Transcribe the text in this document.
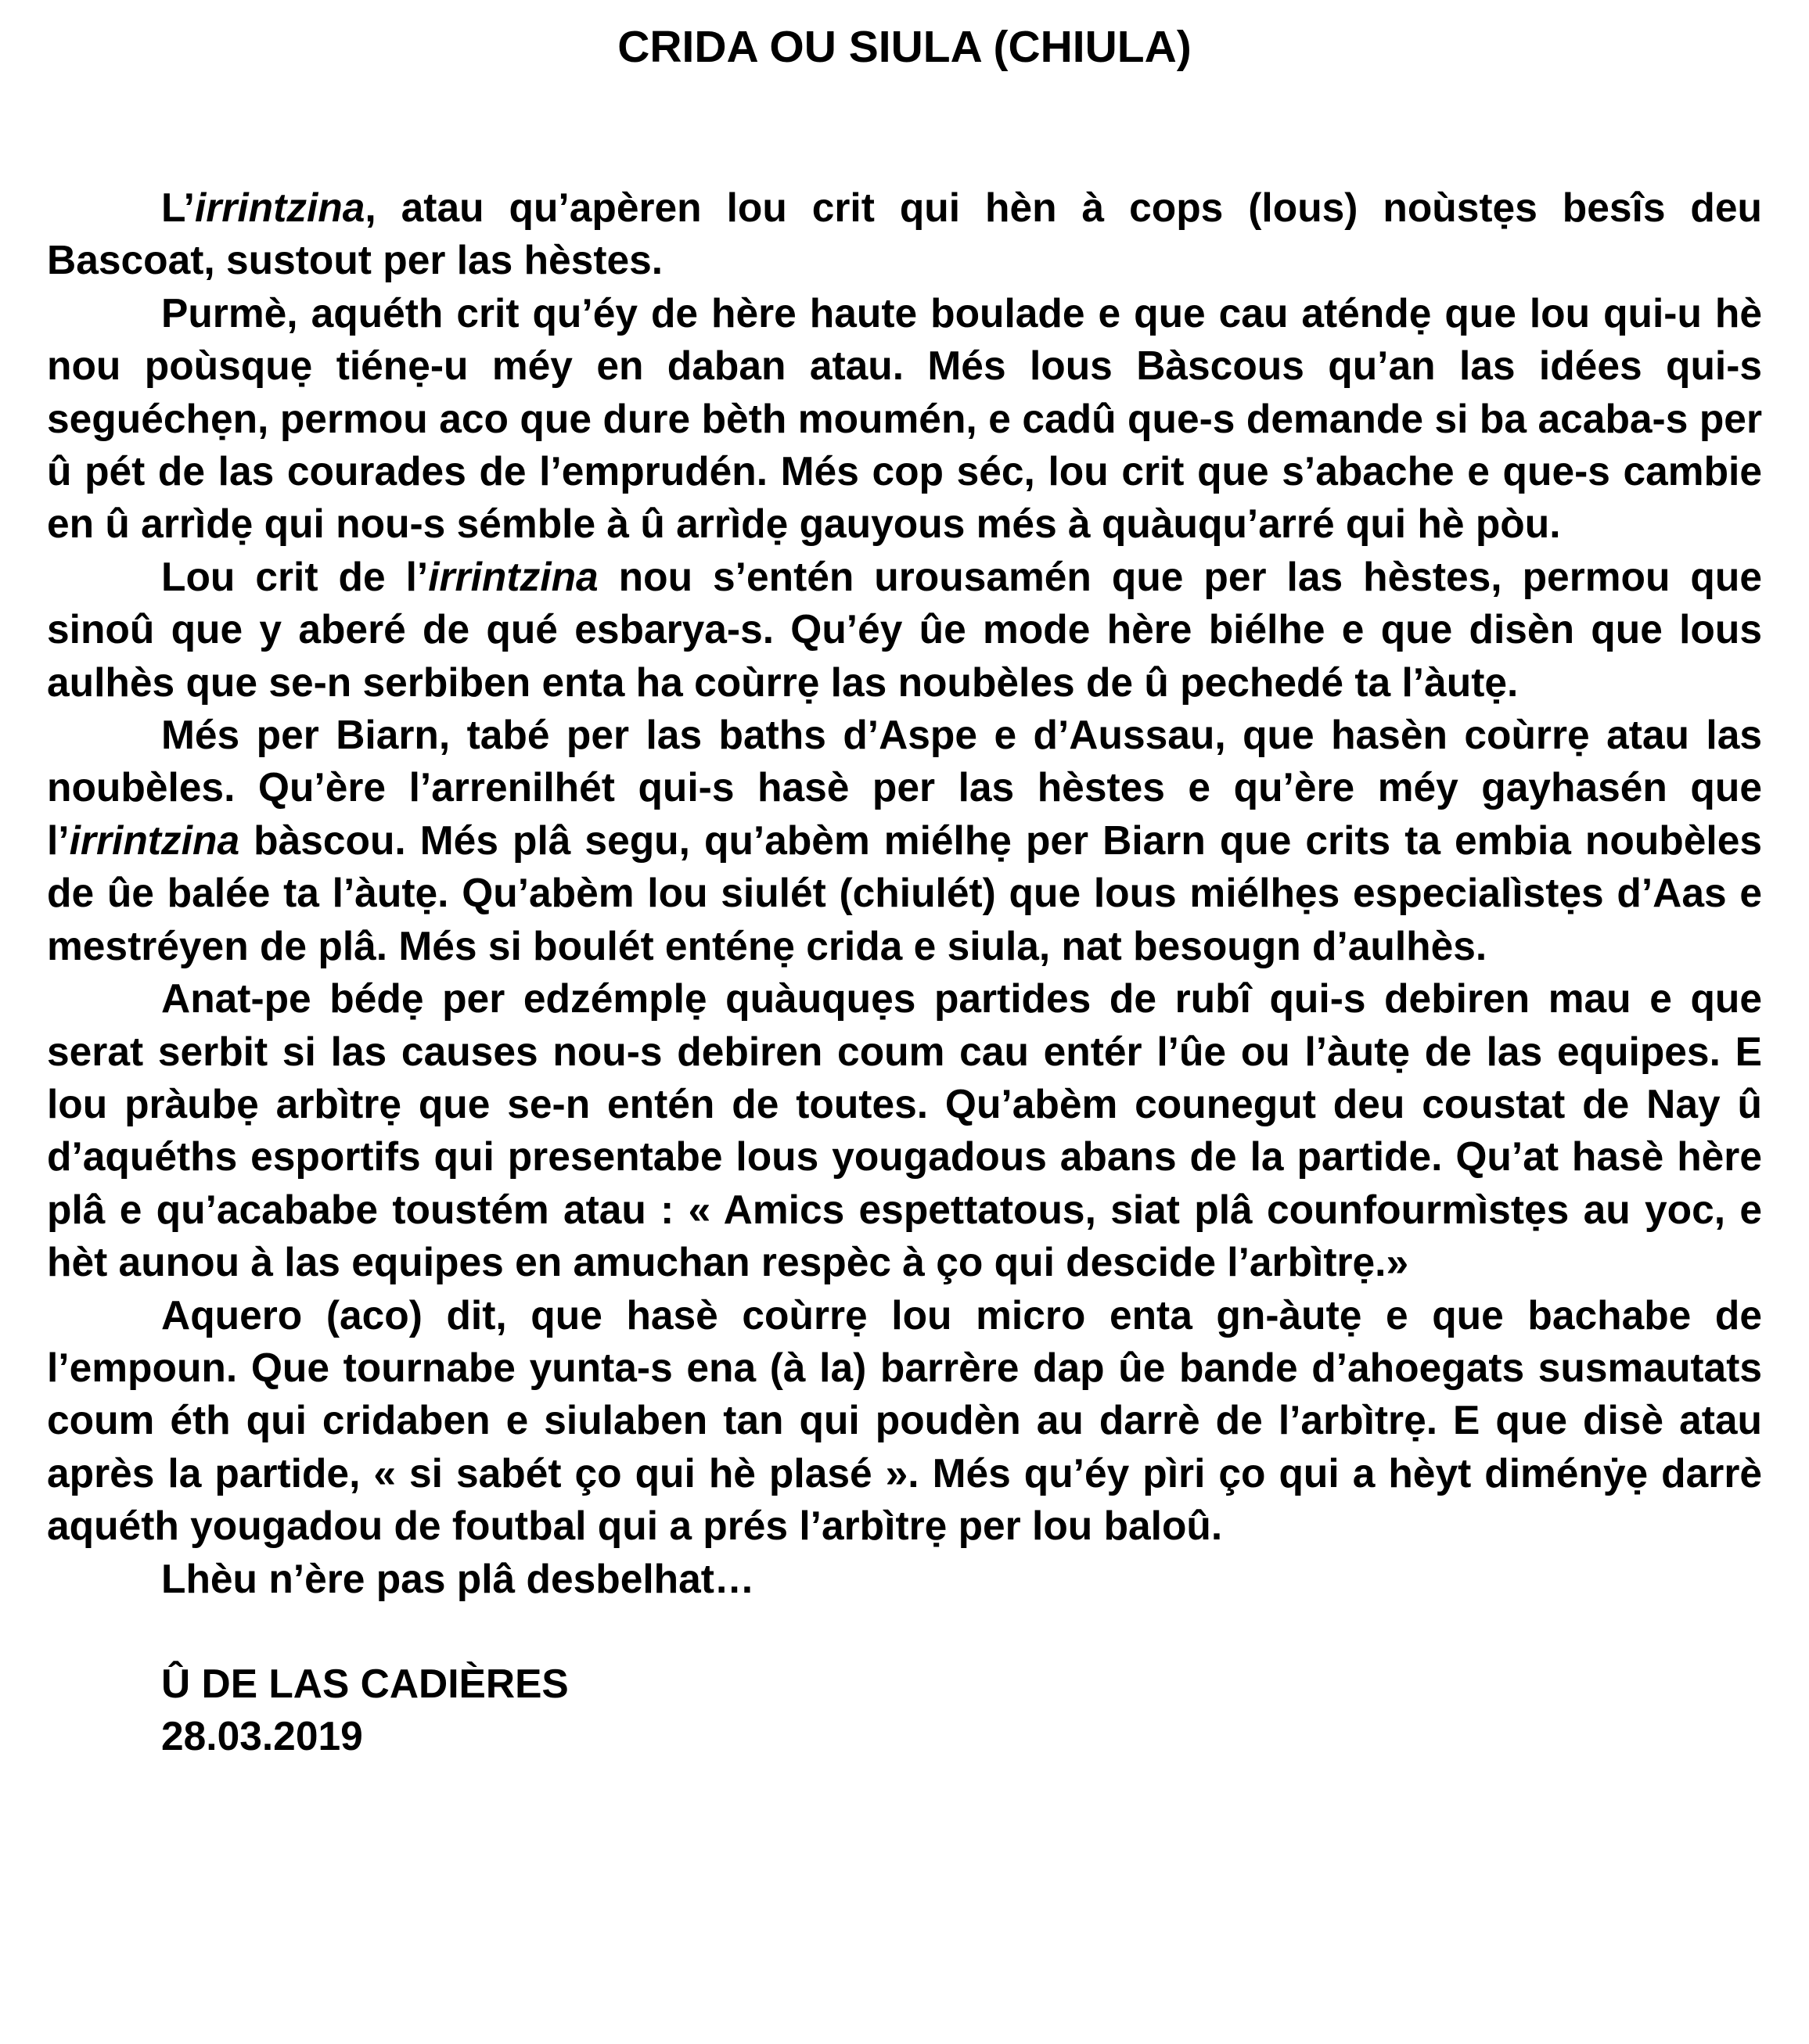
CRIDA OU SIULA (CHIULA)

L’irrintzina, atau qu’apèren lou crit qui hèn à cops (lous) noùstẹs besîs deu Bascoat, sustout per las hèstes.

Purmè, aquéth crit qu’éy de hère haute boulade e que cau aténdẹ que lou qui-u hè nou poùsquẹ tiénẹ-u méy en daban atau. Més lous Bàscous qu’an las idées qui-s seguéchẹn, permou aco que dure bèth moumén, e cadû que-s demande si ba acaba-s per û pét de las courades de l’emprudén. Més cop séc, lou crit que s’abache e que-s cambie en û arrìdẹ qui nou-s sémble à û arrìdẹ gauyous més à quàuqu’arré qui hè pòu.

Lou crit de l’irrintzina nou s’entén urousamén que per las hèstes, permou que sinoû que y aberé de qué esbarya-s. Qu’éy ûe mode hère biélhe e que disèn que lous aulhès que se-n serbiben enta ha coùrrẹ las noubèles de û pechedé ta l’àutẹ.

Més per Biarn, tabé per las baths d’Aspe e d’Aussau, que hasèn coùrrẹ atau las noubèles. Qu’ère l’arrenilhét qui-s hasè per las hèstes e qu’ère méy gayhasén que l’irrintzina bàscou. Més plâ segu, qu’abèm miélhẹ per Biarn que crits ta embia noubèles de ûe balée ta l’àutẹ. Qu’abèm lou siulét (chiulét) que lous miélhẹs especialìstẹs d’Aas e mestréyen de plâ. Més si boulét enténẹ crida e siula, nat besougn d’aulhès.

Anat-pe bédẹ per edzémplẹ quàuquẹs partides de rubî qui-s debiren mau e que serat serbit si las causes nou-s debiren coum cau entér l’ûe ou l’àutẹ de las equipes. E lou pràubẹ arbìtrẹ que se-n entén de toutes. Qu’abèm counegut deu coustat de Nay û d’aquéths esportifs qui presentabe lous yougadous abans de la partide. Qu’at hasè hère plâ e qu’acababe toustém atau : « Amics espettatous, siat plâ counfourmìstẹs au yoc, e hèt aunou à las equipes en amuchan respèc à ço qui descide l’arbìtrẹ.»

Aquero (aco) dit, que hasè coùrrẹ lou micro enta gn-àutẹ e que bachabe de l’empoun. Que tournabe yunta-s ena (à la) barrère dap ûe bande d’ahoegats susmautats coum éth qui cridaben e siulaben tan qui poudèn au darrè de l’arbìtrẹ. E que disè atau après la partide, « si sabét ço qui hè plasé ». Més qu’éy pìri ço qui a hèyt diménẏẹ darrè aquéth yougadou de foutbal qui a prés l’arbìtrẹ per lou baloû.

Lhèu n’ère pas plâ desbelhat…

Û DE LAS CADIÈRES
28.03.2019
